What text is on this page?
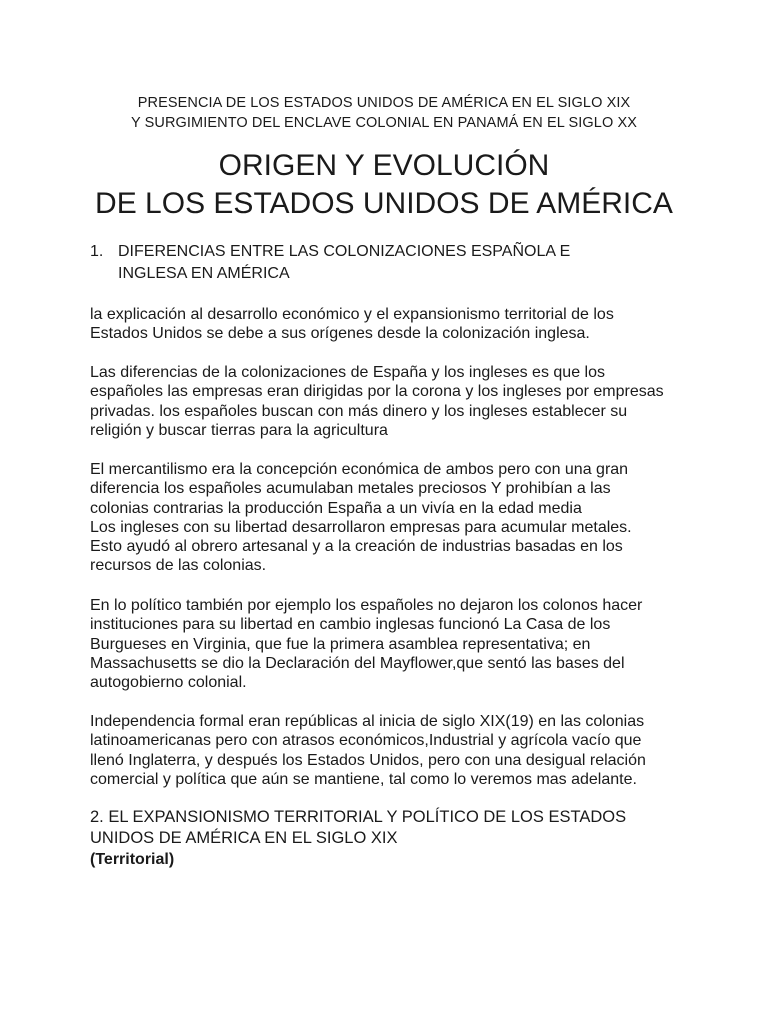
PRESENCIA DE LOS ESTADOS UNIDOS DE AMÉRICA EN EL SIGLO XIX
Y SURGIMIENTO DEL ENCLAVE COLONIAL EN PANAMÁ EN EL SIGLO XX
ORIGEN Y EVOLUCIÓN
DE LOS ESTADOS UNIDOS DE AMÉRICA
1. DIFERENCIAS ENTRE LAS COLONIZACIONES ESPAÑOLA E
INGLESA EN AMÉRICA
la explicación al desarrollo económico y el expansionismo territorial de los
Estados Unidos se debe a sus orígenes desde la colonización inglesa.
Las diferencias de la colonizaciones de España y los ingleses es que los
españoles las empresas eran dirigidas por la corona y los ingleses por empresas
privadas. los españoles buscan con más dinero y los ingleses establecer su
religión y buscar tierras para la agricultura
El mercantilismo era la concepción económica de ambos pero con una gran
diferencia los españoles acumulaban metales preciosos Y prohibían a las
colonias contrarias la producción España a un vivía en la edad media
Los ingleses con su libertad desarrollaron empresas para acumular metales.
Esto ayudó al obrero artesanal y a la creación de industrias basadas en los
recursos de las colonias.
En lo político también por ejemplo los españoles no dejaron los colonos hacer
instituciones para su libertad en cambio inglesas funcionó La Casa de los
Burgueses en Virginia, que fue la primera asamblea representativa; en
Massachusetts se dio la Declaración del Mayflower,que sentó las bases del
autogobierno colonial.
Independencia formal eran repúblicas al inicia de siglo XIX(19) en las colonias
latinoamericanas pero con atrasos económicos,Industrial y agrícola vacío que
llenó Inglaterra, y después los Estados Unidos, pero con una desigual relación
comercial y política que aún se mantiene, tal como lo veremos mas adelante.
2. EL EXPANSIONISMO TERRITORIAL Y POLÍTICO DE LOS ESTADOS
UNIDOS DE AMÉRICA EN EL SIGLO XIX
(Territorial)
